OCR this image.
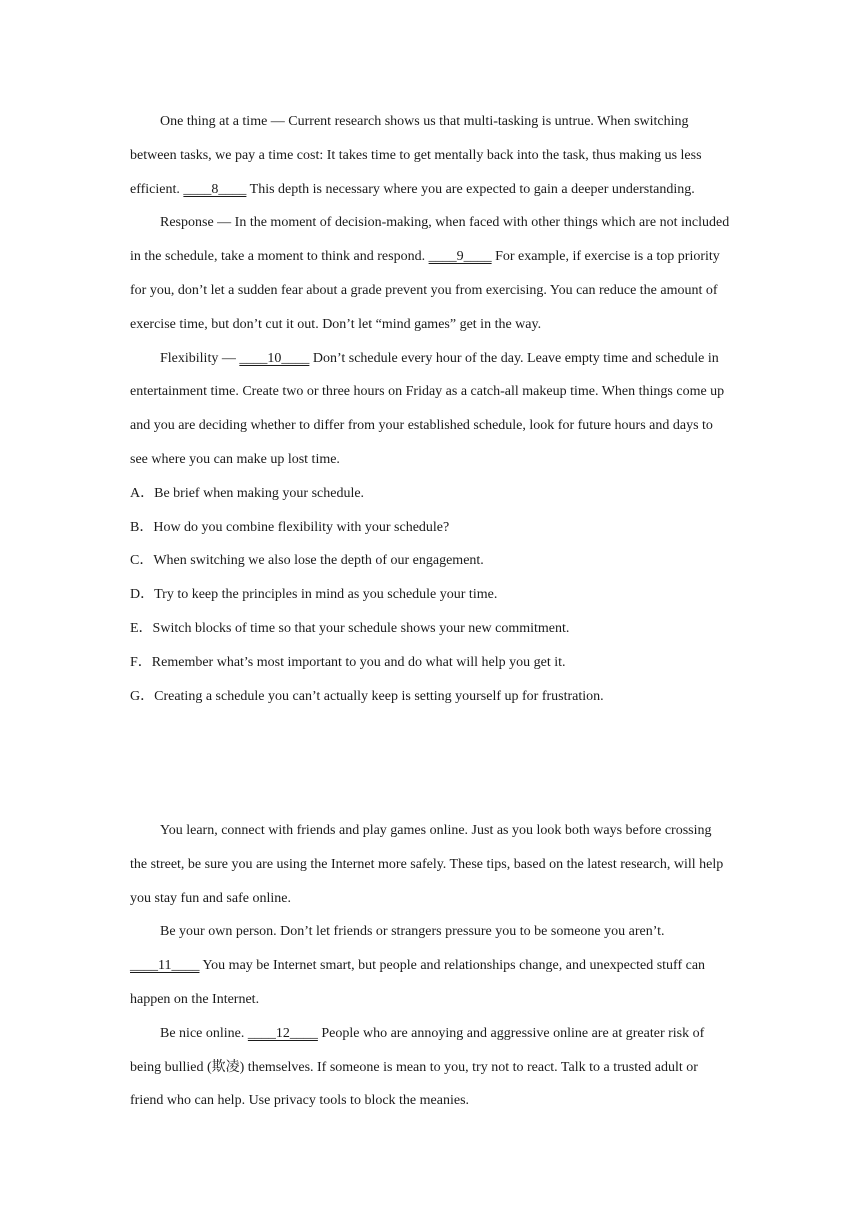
One thing at a time — Current research shows us that multi-tasking is untrue. When switching between tasks, we pay a time cost: It takes time to get mentally back into the task, thus making us less efficient. ____8____ This depth is necessary where you are expected to gain a deeper understanding.

Response — In the moment of decision-making, when faced with other things which are not included in the schedule, take a moment to think and respond. ____9____ For example, if exercise is a top priority for you, don’t let a sudden fear about a grade prevent you from exercising. You can reduce the amount of exercise time, but don’t cut it out. Don’t let “mind games” get in the way.

Flexibility — ____10____ Don’t schedule every hour of the day. Leave empty time and schedule in entertainment time. Create two or three hours on Friday as a catch-all makeup time. When things come up and you are deciding whether to differ from your established schedule, look for future hours and days to see where you can make up lost time.

A．Be brief when making your schedule.

B．How do you combine flexibility with your schedule?

C．When switching we also lose the depth of our engagement.

D．Try to keep the principles in mind as you schedule your time.

E．Switch blocks of time so that your schedule shows your new commitment.

F．Remember what’s most important to you and do what will help you get it.

G．Creating a schedule you can’t actually keep is setting yourself up for frustration.

You learn, connect with friends and play games online. Just as you look both ways before crossing the street, be sure you are using the Internet more safely. These tips, based on the latest research, will help you stay fun and safe online.

Be your own person. Don’t let friends or strangers pressure you to be someone you aren’t. ____11____ You may be Internet smart, but people and relationships change, and unexpected stuff can happen on the Internet.

Be nice online. ____12____ People who are annoying and aggressive online are at greater risk of being bullied (欺凌) themselves. If someone is mean to you, try not to react. Talk to a trusted adult or friend who can help. Use privacy tools to block the meanies.
